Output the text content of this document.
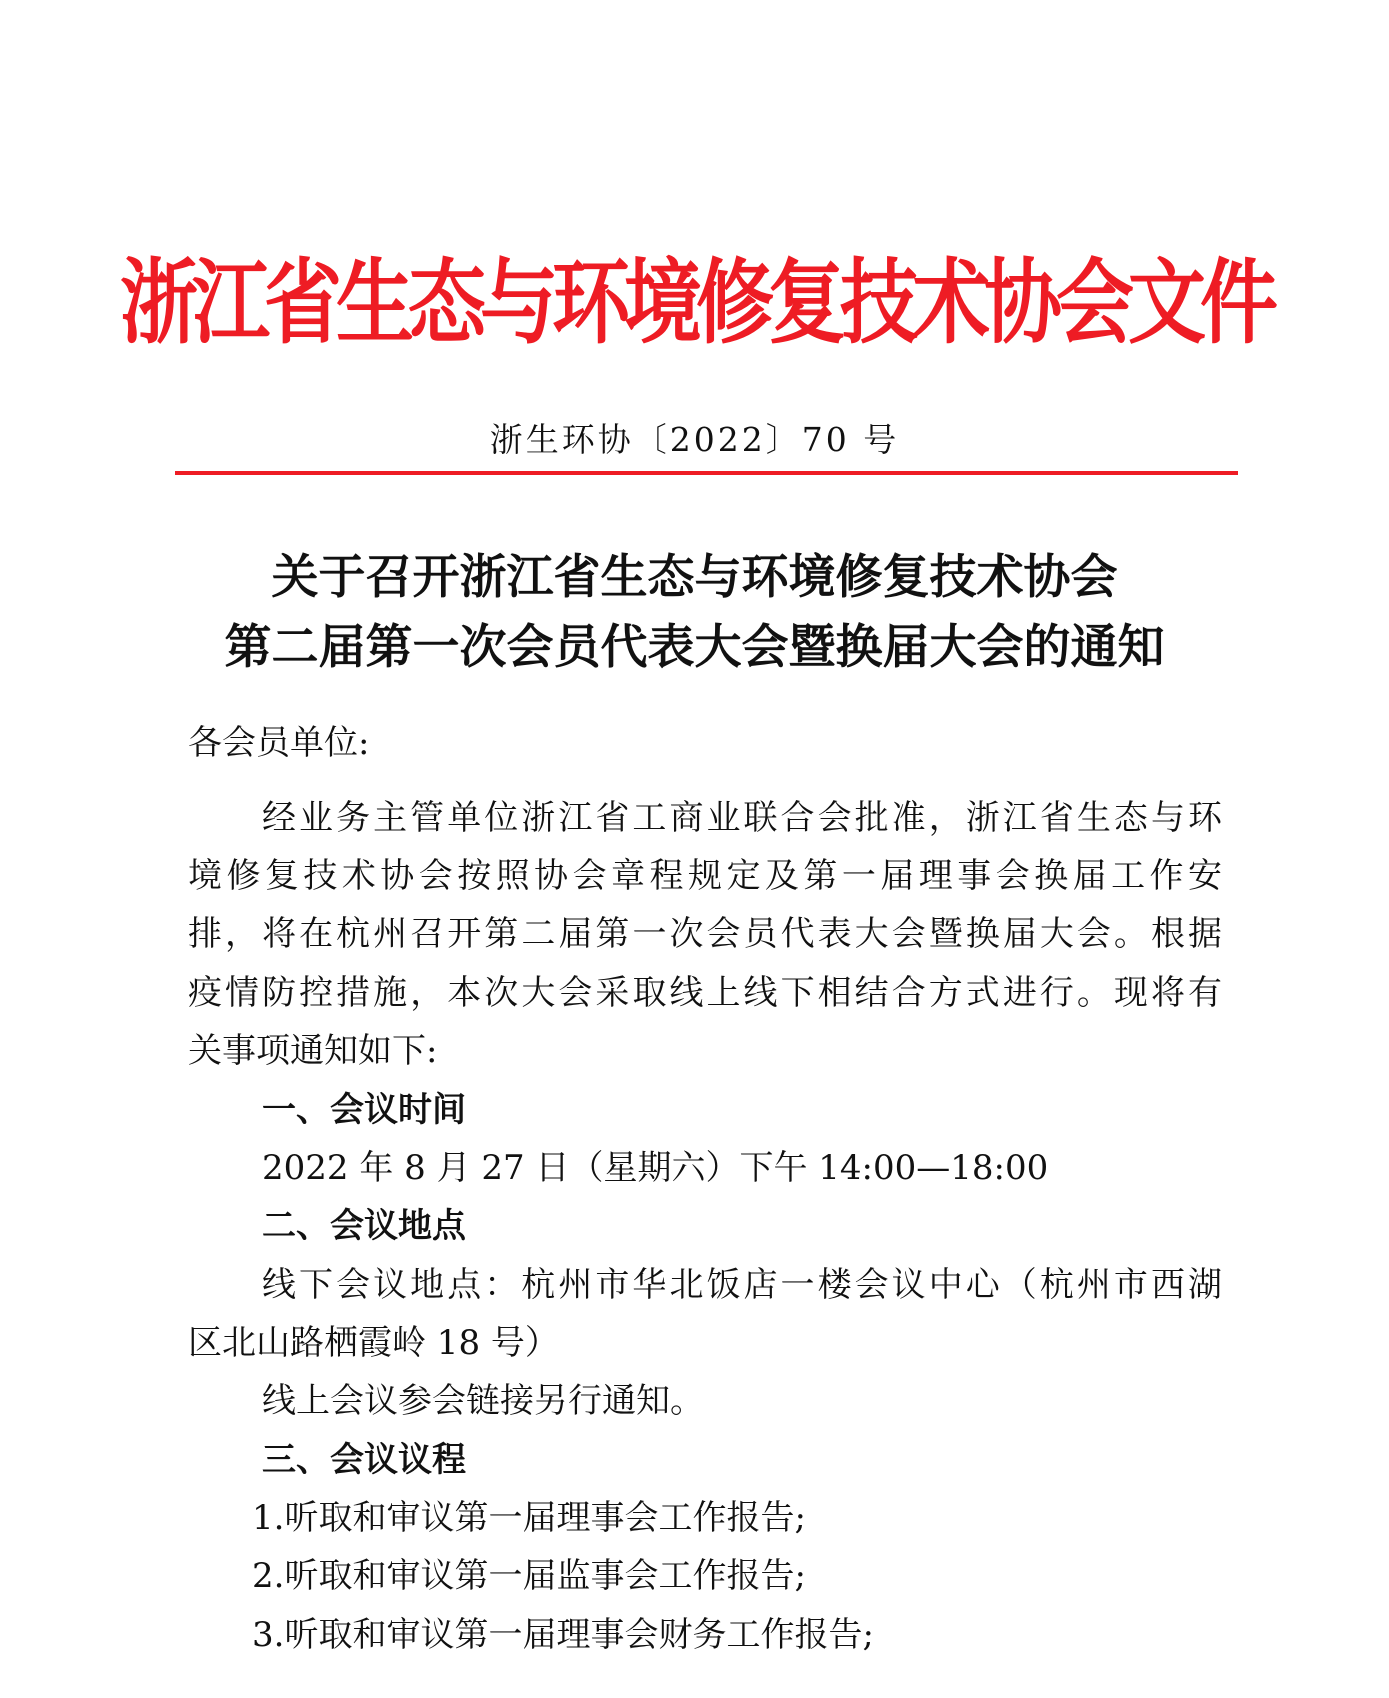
浙江省生态与环境修复技术协会文件
浙生环协〔2022〕70 号
关于召开浙江省生态与环境修复技术协会
第二届第一次会员代表大会暨换届大会的通知
各会员单位:
经业务主管单位浙江省工商业联合会批准，浙江省生态与环
境修复技术协会按照协会章程规定及第一届理事会换届工作安
排，将在杭州召开第二届第一次会员代表大会暨换届大会。根据
疫情防控措施，本次大会采取线上线下相结合方式进行。现将有
关事项通知如下:
一、会议时间
2022 年 8 月 27 日（星期六）下午 14:00—18:00
二、会议地点
线下会议地点：杭州市华北饭店一楼会议中心（杭州市西湖
区北山路栖霞岭 18 号）
线上会议参会链接另行通知。
三、会议议程
1.听取和审议第一届理事会工作报告;
2.听取和审议第一届监事会工作报告;
3.听取和审议第一届理事会财务工作报告;
